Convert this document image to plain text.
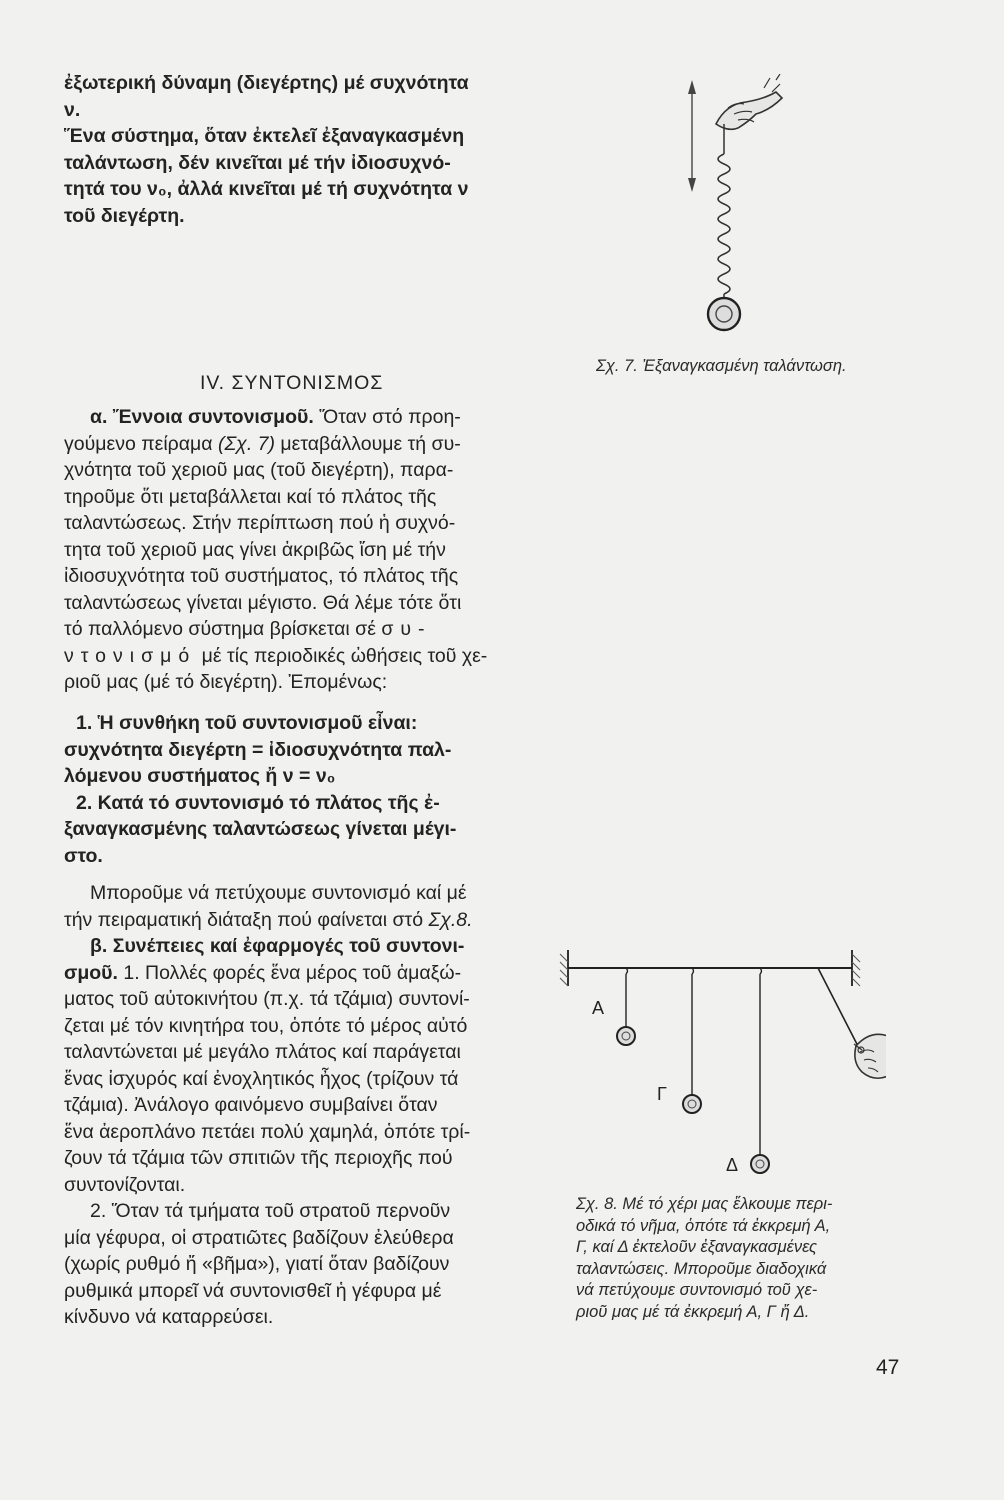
ἐξωτερική δύναμη (διεγέρτης) μέ συχνότητα

ν.

Ἕνα σύστημα, ὅταν ἐκτελεῖ ἐξαναγκασμένη

ταλάντωση, δέν κινεῖται μέ τήν ἰδιοσυχνό-

τητά του ν₀, ἀλλά κινεῖται μέ τή συχνότητα ν

τοῦ διεγέρτη.

Σχ. 7. Ἐξαναγκασμένη ταλάντωση.

IV. ΣΥΝΤΟΝΙΣΜΟΣ

α. Ἔννοια συντονισμοῦ. Ὅταν στό προη-

γούμενο πείραμα (Σχ. 7) μεταβάλλουμε τή συ-

χνότητα τοῦ χεριοῦ μας (τοῦ διεγέρτη), παρα-

τηροῦμε ὅτι μεταβάλλεται καί τό πλάτος τῆς

ταλαντώσεως. Στήν περίπτωση πού ἡ συχνό-

τητα τοῦ χεριοῦ μας γίνει ἀκριβῶς ἴση μέ τήν

ἰδιοσυχνότητα τοῦ συστήματος, τό πλάτος τῆς

ταλαντώσεως γίνεται μέγιστο. Θά λέμε τότε ὅτι

τό παλλόμενο σύστημα βρίσκεται σέ συ-

ντονισμό μέ τίς περιοδικές ὠθήσεις τοῦ χε-

ριοῦ μας (μέ τό διεγέρτη). Ἐπομένως:

1. Ἡ συνθήκη τοῦ συντονισμοῦ εἶναι:

συχνότητα διεγέρτη = ἰδιοσυχνότητα παλ-

λόμενου συστήματος ἤ ν = ν₀

2. Κατά τό συντονισμό τό πλάτος τῆς ἐ-

ξαναγκασμένης ταλαντώσεως γίνεται μέγι-

στο.

Μποροῦμε νά πετύχουμε συντονισμό καί μέ

τήν πειραματική διάταξη πού φαίνεται στό Σχ.8.

β. Συνέπειες καί ἐφαρμογές τοῦ συντονι-

σμοῦ. 1. Πολλές φορές ἕνα μέρος τοῦ ἁμαξώ-

ματος τοῦ αὐτοκινήτου (π.χ. τά τζάμια) συντονί-

ζεται μέ τόν κινητήρα του, ὁπότε τό μέρος αὐτό

ταλαντώνεται μέ μεγάλο πλάτος καί παράγεται

ἕνας ἰσχυρός καί ἐνοχλητικός ἦχος (τρίζουν τά

τζάμια). Ἀνάλογο φαινόμενο συμβαίνει ὅταν

ἕνα ἀεροπλάνο πετάει πολύ χαμηλά, ὁπότε τρί-

ζουν τά τζάμια τῶν σπιτιῶν τῆς περιοχῆς πού

συντονίζονται.

2. Ὅταν τά τμήματα τοῦ στρατοῦ περνοῦν

μία γέφυρα, οἱ στρατιῶτες βαδίζουν ἐλεύθερα

(χωρίς ρυθμό ἤ «βῆμα»), γιατί ὅταν βαδίζουν

ρυθμικά μπορεῖ νά συντονισθεῖ ἡ γέφυρα μέ

κίνδυνο νά καταρρεύσει.

Α
Γ
Δ
Σχ. 8. Μέ τό χέρι μας ἕλκουμε περι-
οδικά τό νῆμα, ὁπότε τά ἐκκρεμή Α,
Γ, καί Δ ἐκτελοῦν ἐξαναγκασμένες
ταλαντώσεις. Μποροῦμε διαδοχικά
νά πετύχουμε συντονισμό τοῦ χε-
ριοῦ μας μέ τά ἐκκρεμή Α, Γ ἤ Δ.
47
